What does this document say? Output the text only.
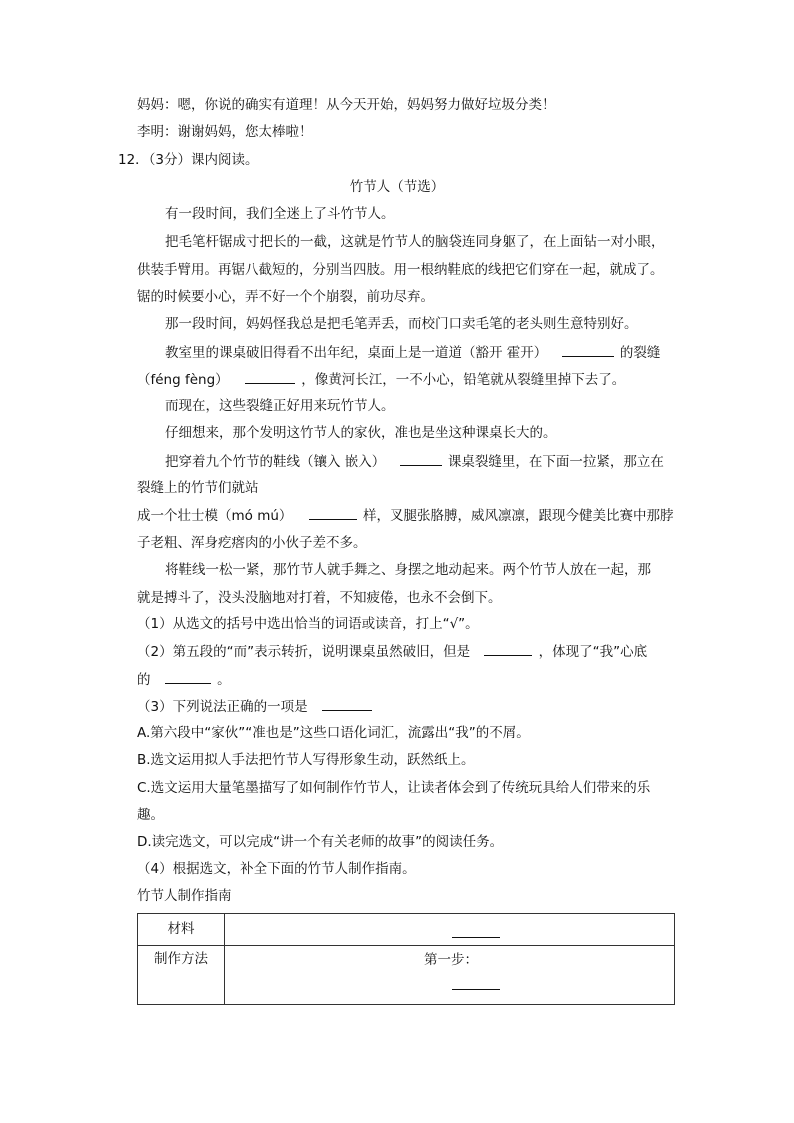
妈妈：嗯，你说的确实有道理！从今天开始，妈妈努力做好垃圾分类！
李明：谢谢妈妈，您太棒啦！
12．（3分）课内阅读。
竹节人（节选）
有一段时间，我们全迷上了斗竹节人。
把毛笔杆锯成寸把长的一截，这就是竹节人的脑袋连同身躯了，在上面钻一对小眼，
供装手臂用。再锯八截短的，分别当四肢。用一根纳鞋底的线把它们穿在一起，就成了。
锯的时候要小心，弄不好一个个崩裂，前功尽弃。
那一段时间，妈妈怪我总是把毛笔弄丢，而校门口卖毛笔的老头则生意特别好。
教室里的课桌破旧得看不出年纪，桌面上是一道道（豁开 霍开）	的裂缝
（féng fèng）	，像黄河长江，一不小心，铅笔就从裂缝里掉下去了。
而现在，这些裂缝正好用来玩竹节人。
仔细想来，那个发明这竹节人的家伙，准也是坐这种课桌长大的。
把穿着九个竹节的鞋线（镶入 嵌入）	课桌裂缝里，在下面一拉紧，那立在
裂缝上的竹节们就站
成一个壮士模（mó mú）	样，叉腿张胳膊，威风凛凛，跟现今健美比赛中那脖
子老粗、浑身疙瘩肉的小伙子差不多。
将鞋线一松一紧，那竹节人就手舞之、身摆之地动起来。两个竹节人放在一起，那
就是搏斗了，没头没脑地对打着，不知疲倦，也永不会倒下。
（1）从选文的括号中选出恰当的词语或读音，打上“√”。
（2）第五段的“而”表示转折，说明课桌虽然破旧，但是	，体现了“我”心底
的	。
（3）下列说法正确的一项是
A.第六段中“家伙”“准也是”这些口语化词汇，流露出“我”的不屑。
B.选文运用拟人手法把竹节人写得形象生动，跃然纸上。
C.选文运用大量笔墨描写了如何制作竹节人，让读者体会到了传统玩具给人们带来的乐
趣。
D.读完选文，可以完成“讲一个有关老师的故事”的阅读任务。
（4）根据选文，补全下面的竹节人制作指南。
竹节人制作指南
材料	

制作方法	第一步：
